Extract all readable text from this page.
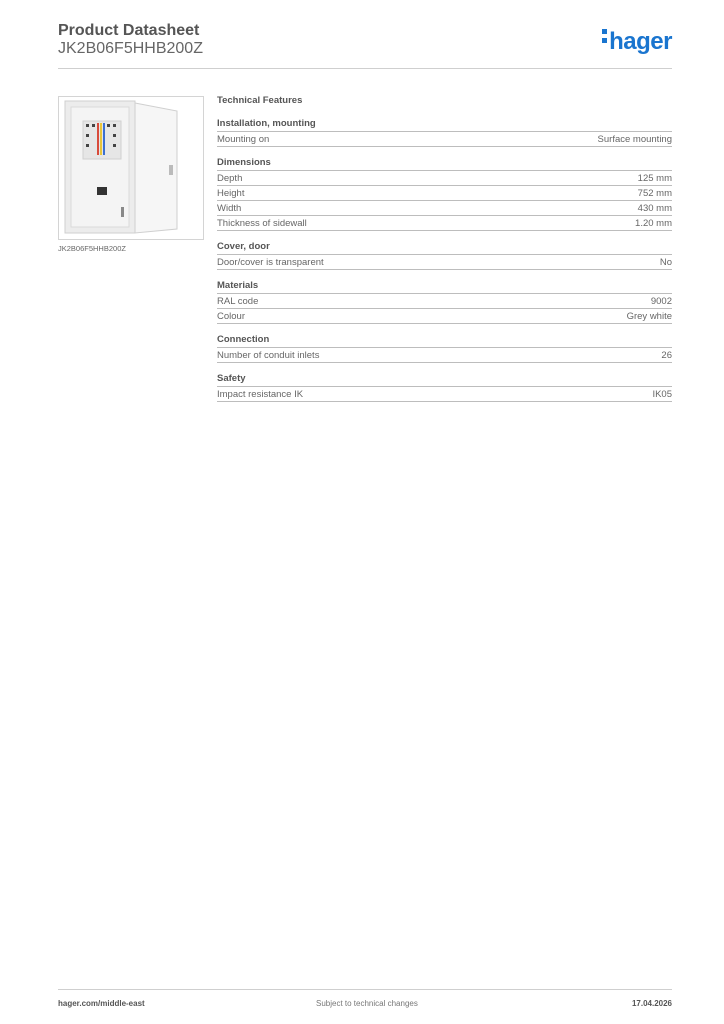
Product Datasheet
JK2B06F5HHB200Z	hager
JK2B06F5HHB200Z
Technical Features
Installation, mounting
Mounting on	Surface mounting
Dimensions
Depth	125 mm
Height	752 mm
Width	430 mm
Thickness of sidewall	1.20 mm
Cover, door
Door/cover is transparent	No
Materials
RAL code	9002
Colour	Grey white
Connection
Number of conduit inlets	26
Safety
Impact resistance IK	IK05
hager.com/middle-east	Subject to technical changes	17.04.2026
